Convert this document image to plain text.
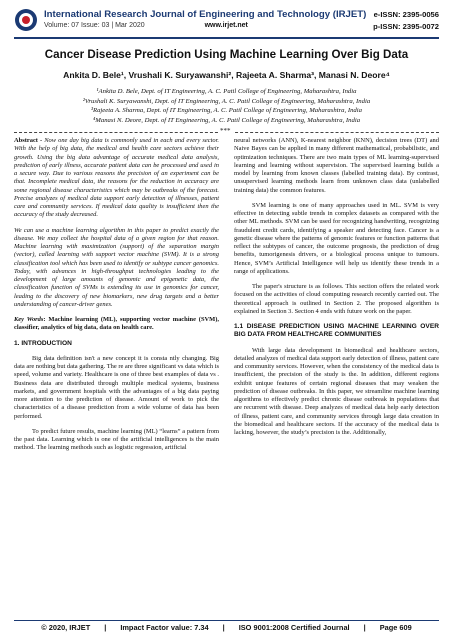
International Research Journal of Engineering and Technology (IRJET)
Volume: 07 Issue: 03 | Mar 2020	www.irjet.net
e-ISSN: 2395-0056
p-ISSN: 2395-0072
Cancer Disease Prediction Using Machine Learning Over Big Data
Ankita D. Bele¹, Vrushali K. Suryawanshi², Rajeeta A. Sharma³, Manasi N. Deore⁴
¹Ankita D. Bele, Dept. of IT Engineering, A. C. Patil College of Engineering, Maharashtra, India
²Vrushali K. Suryawanshi, Dept. of IT Engineering, A. C. Patil College of Engineering, Maharashtra, India
³Rajeeta A. Sharma, Dept. of IT Engineering, A. C. Patil College of Engineering, Maharashtra, India
⁴Manasi N. Deore, Dept. of IT Engineering, A. C. Patil College of Engineering, Maharashtra, India
***

Abstract - Now one day big data is commonly used in each and every sector. With the help of big data, the medical and health care sectors achieve their growth. Using the big data advantage of accurate medical data analysis, prediction of early illness, accurate patient data can be processed and used in a secure way. Due to various reasons the precision of an experiment can be that. Incomplete medical data, the reasons for the reduction in accuracy are some regional disease characteristics which may be outbreaks of the forecast. Precise analyzes of medical data support early detection of illnesses, patient care and community services. If medical data quality is insufficient then the accuracy of the study decreased.

We can use a machine learning algorithm in this paper to predict exactly the disease. We may collect the hospital data of a given region for that reason. Machine learning with maximization (support) of the separation margin (vector), called learning with support vector machine (SVM). It is a strong classification tool which has been used to identify or subtype cancer genomics. Today, with advances in high-throughput technologies leading to the development of large amounts of genomic and epigenetic data, the classification function of SVMs is extending its use in genomics for cancer, leading to the discovery of new biomarkers, new drug targets and a better understanding of cancer-driver genes.

Key Words: Machine learning (ML), supporting vector machine (SVM), classifier, analytics of big data, data on health care.

1. INTRODUCTION

Big data definition isn't a new concept it is consta ntly changing. Big data are nothing but data gathering. The re are three significant vs data which is speed, volume and variety. Healthcare is one of three best examples of data vs . Business data are distributed through multiple medical systems, business markets, and government hospitals with the advantages of a big data paying more attention to the prediction of disease. Amount of work to pick the characteristics of a disease prediction from a wide volume of data has been performed.

To predict future results, machine learning (ML) “learns” a pattern from the past data. Learning which is one of the artificial intelligences is the main method. The learning methods such as logistic regression, artificial

neural networks (ANN), K-nearest neighbor (KNN), decision trees (DT) and Naive Bayes can be applied in many different mathematical, probabilistic, and optimization techniques. There are two main types of ML learning-supervised learning and learning without supervision. The supervised learning builds a model by learning from known classes (labelled training data). By contrast, unsupervised learning methods learn from unknown class data (unlabelled training data) the common features.

SVM learning is one of many approaches used in ML. SVM is very effective in detecting subtle trends in complex datasets as compared with the other ML methods. SVM can be used for recognizing handwriting, recognizing fraudulent credit cards, identifying a speaker and detecting face. Cancer is a genetic disease where the patterns of genomic features or function patterns that reflect the subtypes of cancer, the outcome prognosis, the prediction of drug benefits, tumorigenesis drivers, or a biological process unique to tumours. Hence, SVM’s Artificial Intelligence will help us identify these trends in a range of applications.

The paper's structure is as follows. This section offers the related work focused on the activities of cloud computing research recently carried out. The theoretical approach is outlined in Section 2. The proposed algorithm is explained in Section 3. Section 4 ends with future work on the paper.

1.1 DISEASE PREDICTION USING MACHINE LEARNING OVER BIG DATA FROM HEALTHCARE COMMUNITIES

With large data development in biomedical and healthcare sectors, detailed analyzes of medical data support early detection of illness, patient care and community services. However, when the consistency of the medical data is insufficient, the precision of the study is the. In addition, different regions exhibit unique features of certain regional diseases that may weaken the prediction of disease outbreaks. In this paper, we streamline machine learning algorithms to effectively predict chronic disease outbreak in populations that are recurrent with disease. Deep analyzes of medical data help early detection of illness, patient care, and community services through large data creation in the biomedical and healthcare sectors. If the accuracy of the medical data is lacking, however, the study’s precision is the. Additionally,

© 2020, IRJET | Impact Factor value: 7.34 | ISO 9001:2008 Certified Journal | Page 609
